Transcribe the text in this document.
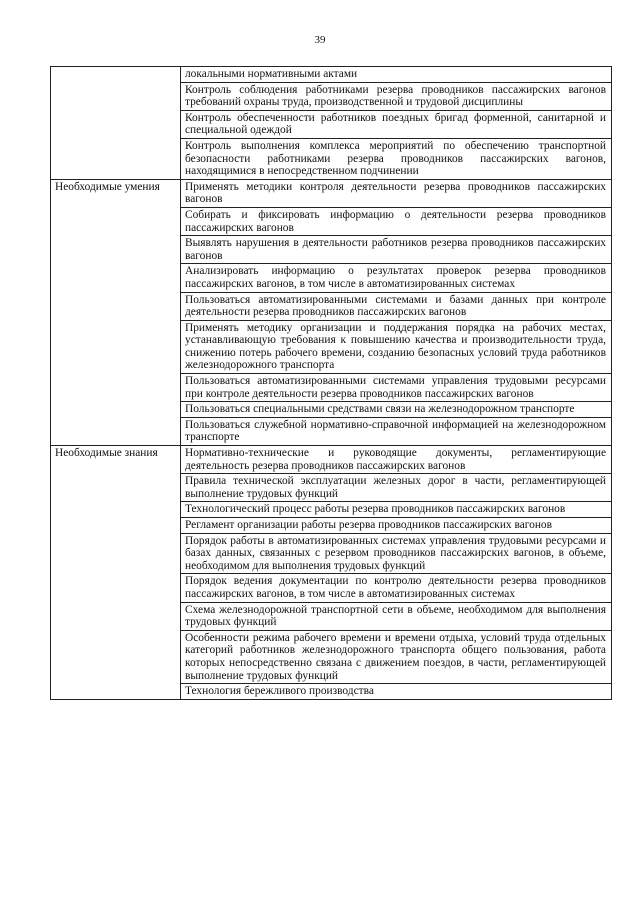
39
	локальными нормативными актами
	Контроль соблюдения работниками резерва проводников пассажирских вагонов требований охраны труда, производственной и трудовой дисциплины
	Контроль обеспеченности работников поездных бригад форменной, санитарной и специальной одеждой
	Контроль выполнения комплекса мероприятий по обеспечению транспортной безопасности работниками резерва проводников пассажирских вагонов, находящимися в непосредственном подчинении
Необходимые умения	Применять методики контроля деятельности резерва проводников пассажирских вагонов
	Собирать и фиксировать информацию о деятельности резерва проводников пассажирских вагонов
	Выявлять нарушения в деятельности работников резерва проводников пассажирских вагонов
	Анализировать информацию о результатах проверок резерва проводников пассажирских вагонов, в том числе в автоматизированных системах
	Пользоваться автоматизированными системами и базами данных при контроле деятельности резерва проводников пассажирских вагонов
	Применять методику организации и поддержания порядка на рабочих местах, устанавливающую требования к повышению качества и производительности труда, снижению потерь рабочего времени, созданию безопасных условий труда работников железнодорожного транспорта
	Пользоваться автоматизированными системами управления трудовыми ресурсами при контроле деятельности резерва проводников пассажирских вагонов
	Пользоваться специальными средствами связи на железнодорожном транспорте
	Пользоваться служебной нормативно-справочной информацией на железнодорожном транспорте
Необходимые знания	Нормативно-технические и руководящие документы, регламентирующие деятельность резерва проводников пассажирских вагонов
	Правила технической эксплуатации железных дорог в части, регламентирующей выполнение трудовых функций
	Технологический процесс работы резерва проводников пассажирских вагонов
	Регламент организации работы резерва проводников пассажирских вагонов
	Порядок работы в автоматизированных системах управления трудовыми ресурсами и базах данных, связанных с резервом проводников пассажирских вагонов, в объеме, необходимом для выполнения трудовых функций
	Порядок ведения документации по контролю деятельности резерва проводников пассажирских вагонов, в том числе в автоматизированных системах
	Схема железнодорожной транспортной сети в объеме, необходимом для выполнения трудовых функций
	Особенности режима рабочего времени и времени отдыха, условий труда отдельных категорий работников железнодорожного транспорта общего пользования, работа которых непосредственно связана с движением поездов, в части, регламентирующей выполнение трудовых функций
	Технология бережливого производства
